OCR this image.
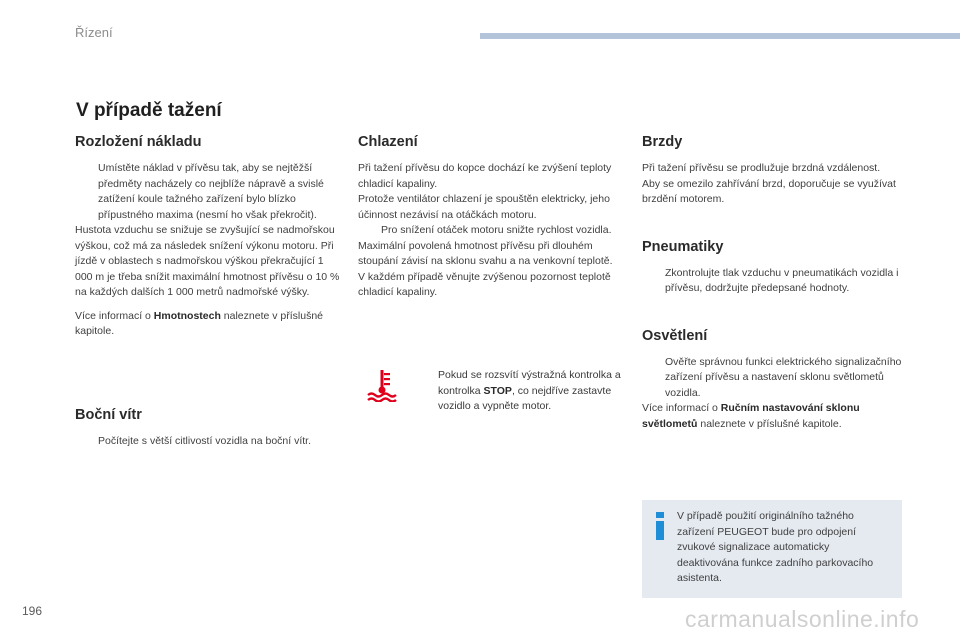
Řízení
V případě tažení
Rozložení nákladu
Umístěte náklad v přívěsu tak, aby se nejtěžší předměty nacházely co nejblíže nápravě a svislé zatížení koule tažného zařízení bylo blízko přípustného maxima (nesmí ho však překročit).

Hustota vzduchu se snižuje se zvyšující se nadmořskou výškou, což má za následek snížení výkonu motoru. Při jízdě v oblastech s nadmořskou výškou překračující 1 000 m je třeba snížit maximální hmotnost přívěsu o 10 % na každých dalších 1 000 metrů nadmořské výšky.

Více informací o Hmotnostech naleznete v příslušné kapitole.

Boční vítr
Počítejte s větší citlivostí vozidla na boční vítr.
Chlazení

Při tažení přívěsu do kopce dochází ke zvýšení teploty chladicí kapaliny.

Protože ventilátor chlazení je spouštěn elektricky, jeho účinnost nezávisí na otáčkách motoru.

Pro snížení otáček motoru snižte rychlost vozidla.

Maximální povolená hmotnost přívěsu při dlouhém stoupání závisí na sklonu svahu a na venkovní teplotě.

V každém případě věnujte zvýšenou pozornost teplotě chladicí kapaliny.

Pokud se rozsvítí výstražná kontrolka a kontrolka STOP, co nejdříve zastavte vozidlo a vypněte motor.
Brzdy

Při tažení přívěsu se prodlužuje brzdná vzdálenost.

Aby se omezilo zahřívání brzd, doporučuje se využívat brzdění motorem.

Pneumatiky
Zkontrolujte tlak vzduchu v pneumatikách vozidla i přívěsu, dodržujte předepsané hodnoty.
Osvětlení
Ověřte správnou funkci elektrického signalizačního zařízení přívěsu a nastavení sklonu světlometů vozidla.

Více informací o Ručním nastavování sklonu světlometů naleznete v příslušné kapitole.

V případě použití originálního tažného zařízení PEUGEOT bude pro odpojení zvukové signalizace automaticky deaktivována funkce zadního parkovacího asistenta.
196	carmanualsonline.info
